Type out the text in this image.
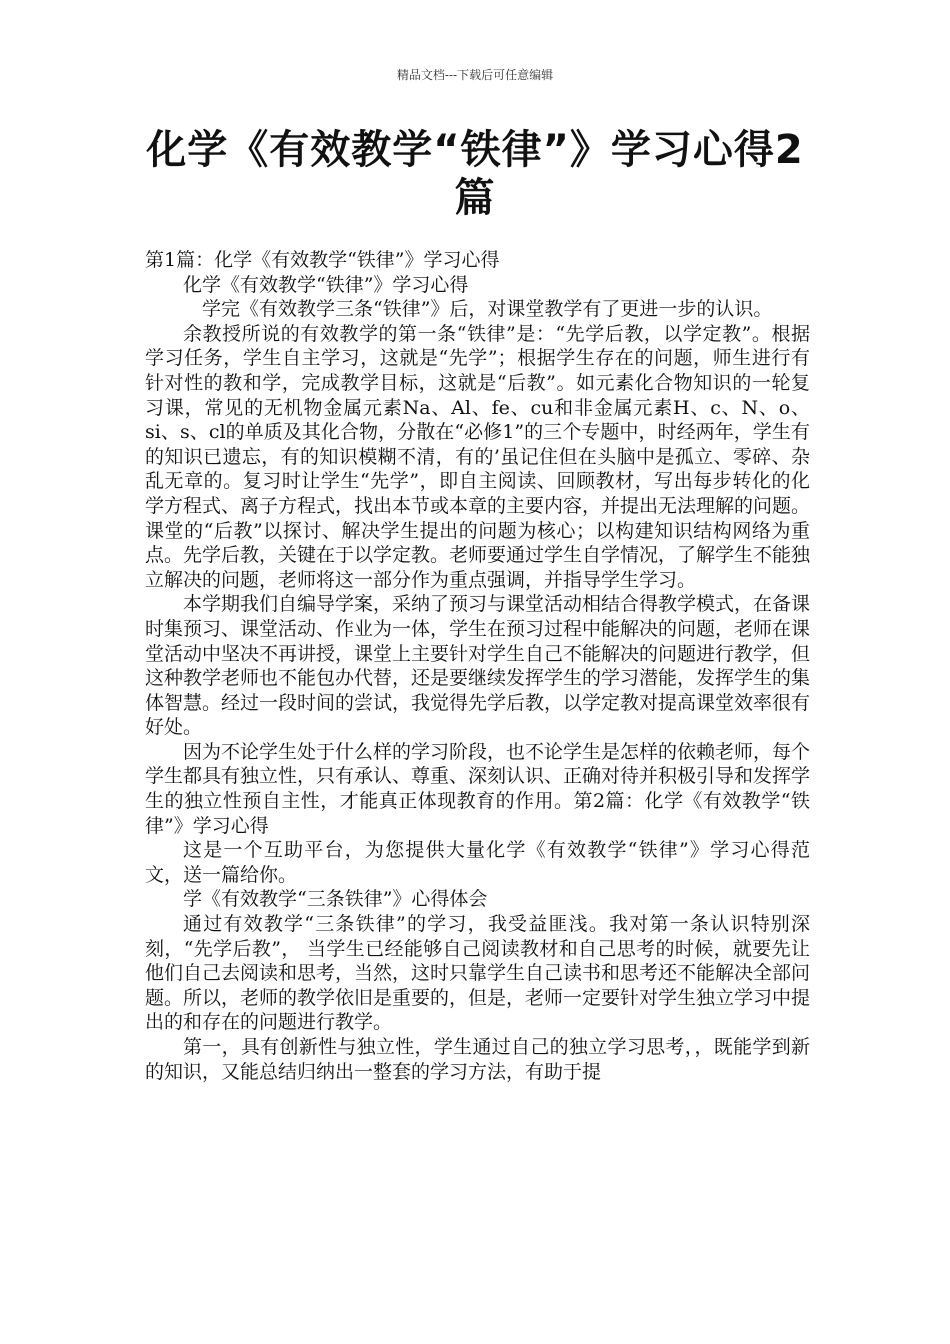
精品文档---下载后可任意编辑
化学《有效教学“铁律”》学习心得2篇

第1篇：化学《有效教学“铁律”》学习心得

化学《有效教学“铁律”》学习心得

学完《有效教学三条“铁律”》后，对课堂教学有了更进一步的认识。

余教授所说的有效教学的第一条“铁律”是：“先学后教，以学定教”。根据学习任务，学生自主学习，这就是“先学”；根据学生存在的问题，师生进行有针对性的教和学，完成教学目标，这就是“后教”。如元素化合物知识的一轮复习课，常见的无机物金属元素Na、Al、fe、cu和非金属元素H、c、N、o、si、s、cl的单质及其化合物，分散在“必修1”的三个专题中，时经两年，学生有的知识已遗忘，有的知识模糊不清，有的’虽记住但在头脑中是孤立、零碎、杂乱无章的。复习时让学生“先学”，即自主阅读、回顾教材，写出每步转化的化学方程式、离子方程式，找出本节或本章的主要内容，并提出无法理解的问题。课堂的“后教”以探讨、解决学生提出的问题为核心；以构建知识结构网络为重点。先学后教，关键在于以学定教。老师要通过学生自学情况，了解学生不能独立解决的问题，老师将这一部分作为重点强调，并指导学生学习。

本学期我们自编导学案，采纳了预习与课堂活动相结合得教学模式，在备课时集预习、课堂活动、作业为一体，学生在预习过程中能解决的问题，老师在课堂活动中坚决不再讲授，课堂上主要针对学生自己不能解决的问题进行教学，但这种教学老师也不能包办代替，还是要继续发挥学生的学习潜能，发挥学生的集体智慧。经过一段时间的尝试，我觉得先学后教，以学定教对提高课堂效率很有好处。

因为不论学生处于什么样的学习阶段，也不论学生是怎样的依赖老师，每个学生都具有独立性，只有承认、尊重、深刻认识、正确对待并积极引导和发挥学生的独立性预自主性，才能真正体现教育的作用。第2篇：化学《有效教学“铁律”》学习心得

这是一个互助平台，为您提供大量化学《有效教学“铁律”》学习心得范文，送一篇给你。

学《有效教学“三条铁律”》心得体会

通过有效教学“三条铁律”的学习，我受益匪浅。我对第一条认识特别深刻，“先学后教”， 当学生已经能够自己阅读教材和自己思考的时候，就要先让他们自己去阅读和思考，当然，这时只靠学生自己读书和思考还不能解决全部问题。所以，老师的教学依旧是重要的，但是，老师一定要针对学生独立学习中提出的和存在的问题进行教学。

第一，具有创新性与独立性，学生通过自己的独立学习思考，，既能学到新的知识，又能总结归纳出一整套的学习方法，有助于提
